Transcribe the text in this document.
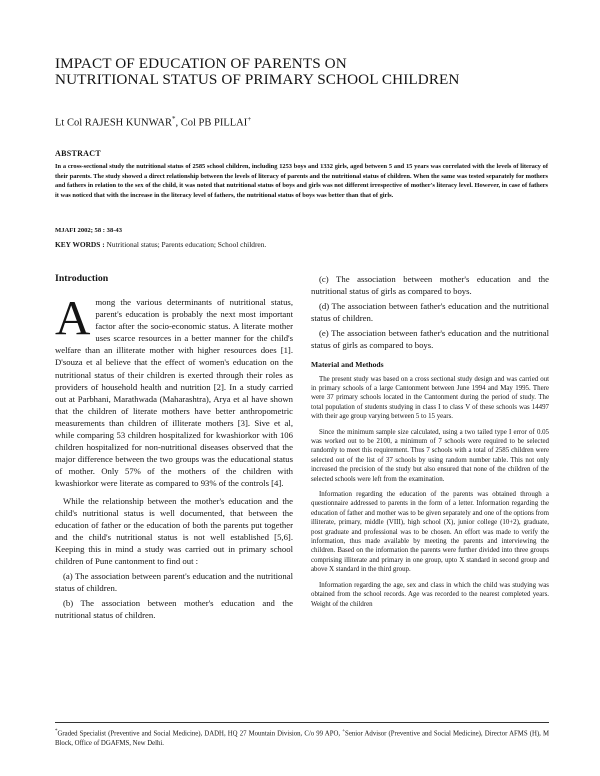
IMPACT OF EDUCATION OF PARENTS ON
NUTRITIONAL STATUS OF PRIMARY SCHOOL CHILDREN
Lt Col RAJESH KUNWAR*, Col PB PILLAI+
ABSTRACT

In a cross-sectional study the nutritional status of 2585 school children, including 1253 boys and 1332 girls, aged between 5 and 15 years was correlated with the levels of literacy of their parents. The study showed a direct relationship between the levels of literacy of parents and the nutritional status of children. When the same was tested separately for mothers and fathers in relation to the sex of the child, it was noted that nutritional status of boys and girls was not different irrespective of mother's literacy level. However, in case of fathers it was noticed that with the increase in the literacy level of fathers, the nutritional status of boys was better than that of girls.

MJAFI 2002; 58 : 38-43
KEY WORDS : Nutritional status; Parents education; School children.
Introduction

Among the various determinants of nutritional status, parent's education is probably the next most important factor after the socio-economic status. A literate mother uses scarce resources in a better manner for the child's welfare than an illiterate mother with higher resources does [1]. D'souza et al believe that the effect of women's education on the nutritional status of their children is exerted through their roles as providers of household health and nutrition [2]. In a study carried out at Parbhani, Marathwada (Maharashtra), Arya et al have shown that the children of literate mothers have better anthropometric measurements than children of illiterate mothers [3]. Sive et al, while comparing 53 children hospitalized for kwashiorkor with 106 children hospitalized for non-nutritional diseases observed that the major difference between the two groups was the educational status of mother. Only 57% of the mothers of the children with kwashiorkor were literate as compared to 93% of the controls [4].

While the relationship between the mother's education and the child's nutritional status is well documented, that between the education of father or the education of both the parents put together and the child's nutritional status is not well established [5,6]. Keeping this in mind a study was carried out in primary school children of Pune cantonment to find out :

(a) The association between parent's education and the nutritional status of children.

(b) The association between mother's education and the nutritional status of children.

(c) The association between mother's education and the nutritional status of girls as compared to boys.

(d) The association between father's education and the nutritional status of children.

(e) The association between father's education and the nutritional status of girls as compared to boys.

Material and Methods

The present study was based on a cross sectional study design and was carried out in primary schools of a large Cantonment between June 1994 and May 1995. There were 37 primary schools located in the Cantonment during the period of study. The total population of students studying in class I to class V of these schools was 14497 with their age group varying between 5 to 15 years.

Since the minimum sample size calculated, using a two tailed type I error of 0.05 was worked out to be 2100, a minimum of 7 schools were required to be selected randomly to meet this requirement. Thus 7 schools with a total of 2585 children were selected out of the list of 37 schools by using random number table. This not only increased the precision of the study but also ensured that none of the children of the selected schools were left from the examination.

Information regarding the education of the parents was obtained through a questionnaire addressed to parents in the form of a letter. Information regarding the education of father and mother was to be given separately and one of the options from illiterate, primary, middle (VIII), high school (X), junior college (10+2), graduate, post graduate and professional was to be chosen. An effort was made to verify the information, thus made available by meeting the parents and interviewing the children. Based on the information the parents were further divided into three groups comprising illiterate and primary in one group, upto X standard in second group and above X standard in the third group.

Information regarding the age, sex and class in which the child was studying was obtained from the school records. Age was recorded to the nearest completed years. Weight of the children

*Graded Specialist (Preventive and Social Medicine), DADH, HQ 27 Mountain Division, C/o 99 APO, +Senior Advisor (Preventive and Social Medicine), Director AFMS (H), M Block, Office of DGAFMS, New Delhi.
